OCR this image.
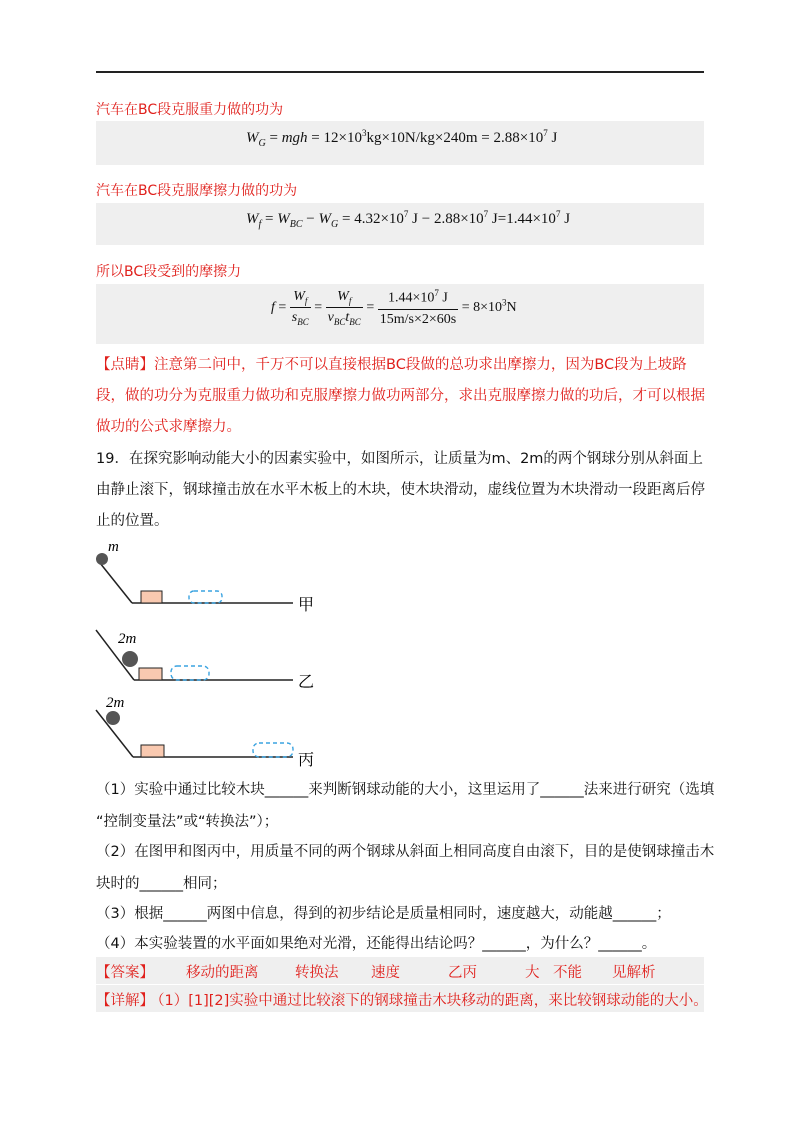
汽车在BC段克服重力做的功为
$W_G$ = mgh = $12\times 10^3kg\times 10N/kg\times 240m = 2.88\times 10^7$ J
汽车在BC段克服摩擦力做的功为
$W_f = W_{BC} - W_G = 4.32\times 10^7$ $J - 2.88\times 10^7$ $J=1.44\times 10^7$ J
所以BC段受到的摩擦力
$f = \frac{W_f}{s_{BC}} = \frac{W_f}{v_{BC}t_{BC}} = \frac{1.44\times 10^7 J}{15m/s\times 2\times 60s} = 8\times 10^3N$
【点睛】注意第二问中，千万不可以直接根据BC段做的总功求出摩擦力，因为BC段为上坡路段，做的功分为克服重力做功和克服摩擦力做功两部分，求出克服摩擦力做的功后，才可以根据做功的公式求摩擦力。
19．在探究影响动能大小的因素实验中，如图所示，让质量为m、2m的两个钢球分别从斜面上由静止滚下，钢球撞击放在水平木板上的木块，使木块滑动，虚线位置为木块滑动一段距离后停止的位置。
m
甲
2m
乙
2m
丙
（1）实验中通过比较木块______来判断钢球动能的大小，这里运用了______法来进行研究（选填
“控制变量法”或“转换法”）；
（2）在图甲和图丙中，用质量不同的两个钢球从斜面上相同高度自由滚下，目的是使钢球撞击木
块时的______相同；
（3）根据______两图中信息，得到的初步结论是质量相同时，速度越大，动能越______；
（4）本实验装置的水平面如果绝对光滑，还能得出结论吗？______，为什么？______。
【答案】 移动的距离	转换法 速度	乙丙	大 不能 见解析
【详解】
（1）[1][2]实验中通过比较滚下的钢球撞击木块移动的距离，来比较钢球动能的大小。
